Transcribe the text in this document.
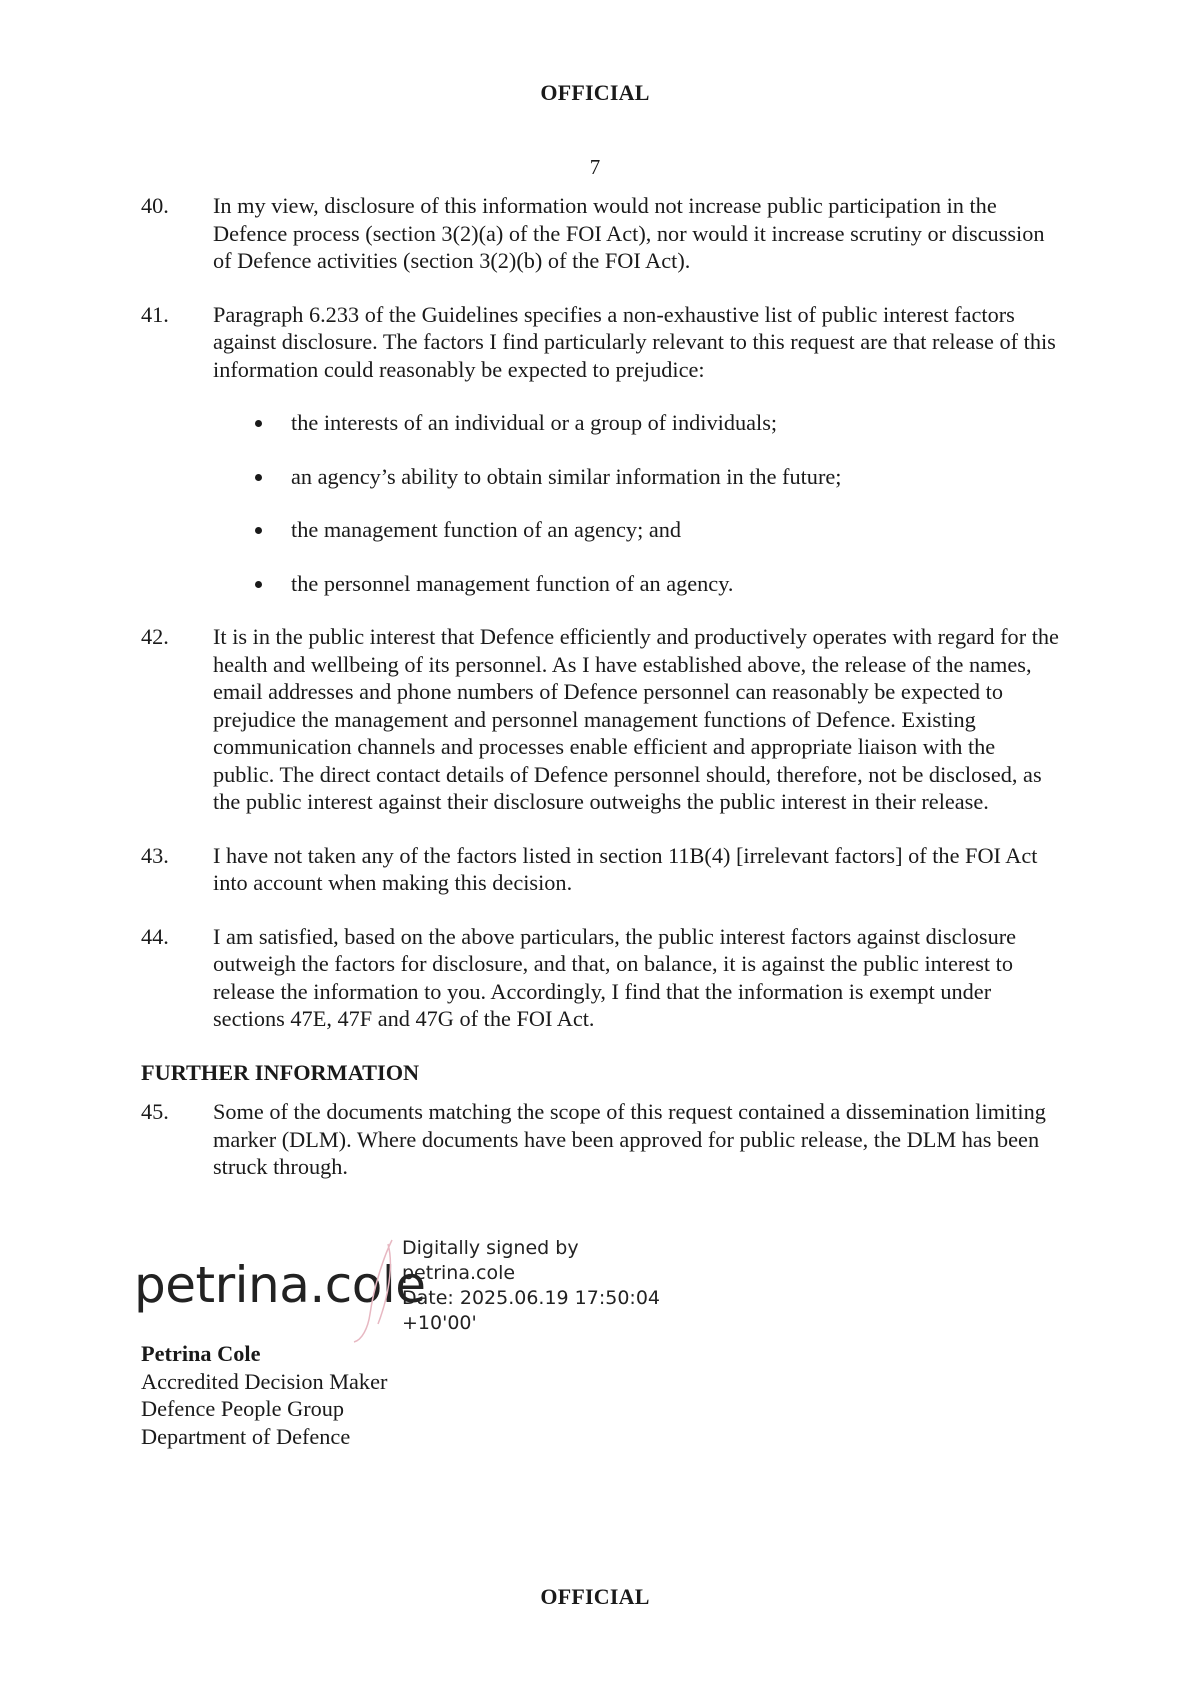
OFFICIAL
7
40. In my view, disclosure of this information would not increase public participation in the Defence process (section 3(2)(a) of the FOI Act), nor would it increase scrutiny or discussion of Defence activities (section 3(2)(b) of the FOI Act).
41. Paragraph 6.233 of the Guidelines specifies a non-exhaustive list of public interest factors against disclosure. The factors I find particularly relevant to this request are that release of this information could reasonably be expected to prejudice:
the interests of an individual or a group of individuals;
an agency’s ability to obtain similar information in the future;
the management function of an agency; and
the personnel management function of an agency.
42. It is in the public interest that Defence efficiently and productively operates with regard for the health and wellbeing of its personnel. As I have established above, the release of the names, email addresses and phone numbers of Defence personnel can reasonably be expected to prejudice the management and personnel management functions of Defence. Existing communication channels and processes enable efficient and appropriate liaison with the public. The direct contact details of Defence personnel should, therefore, not be disclosed, as the public interest against their disclosure outweighs the public interest in their release.
43. I have not taken any of the factors listed in section 11B(4) [irrelevant factors] of the FOI Act into account when making this decision.
44. I am satisfied, based on the above particulars, the public interest factors against disclosure outweigh the factors for disclosure, and that, on balance, it is against the public interest to release the information to you. Accordingly, I find that the information is exempt under sections 47E, 47F and 47G of the FOI Act.
FURTHER INFORMATION
45. Some of the documents matching the scope of this request contained a dissemination limiting marker (DLM). Where documents have been approved for public release, the DLM has been struck through.
petrina.cole
Digitally signed by
petrina.cole
Date: 2025.06.19 17:50:04
+10'00'
Petrina Cole
Accredited Decision Maker
Defence People Group
Department of Defence
OFFICIAL
